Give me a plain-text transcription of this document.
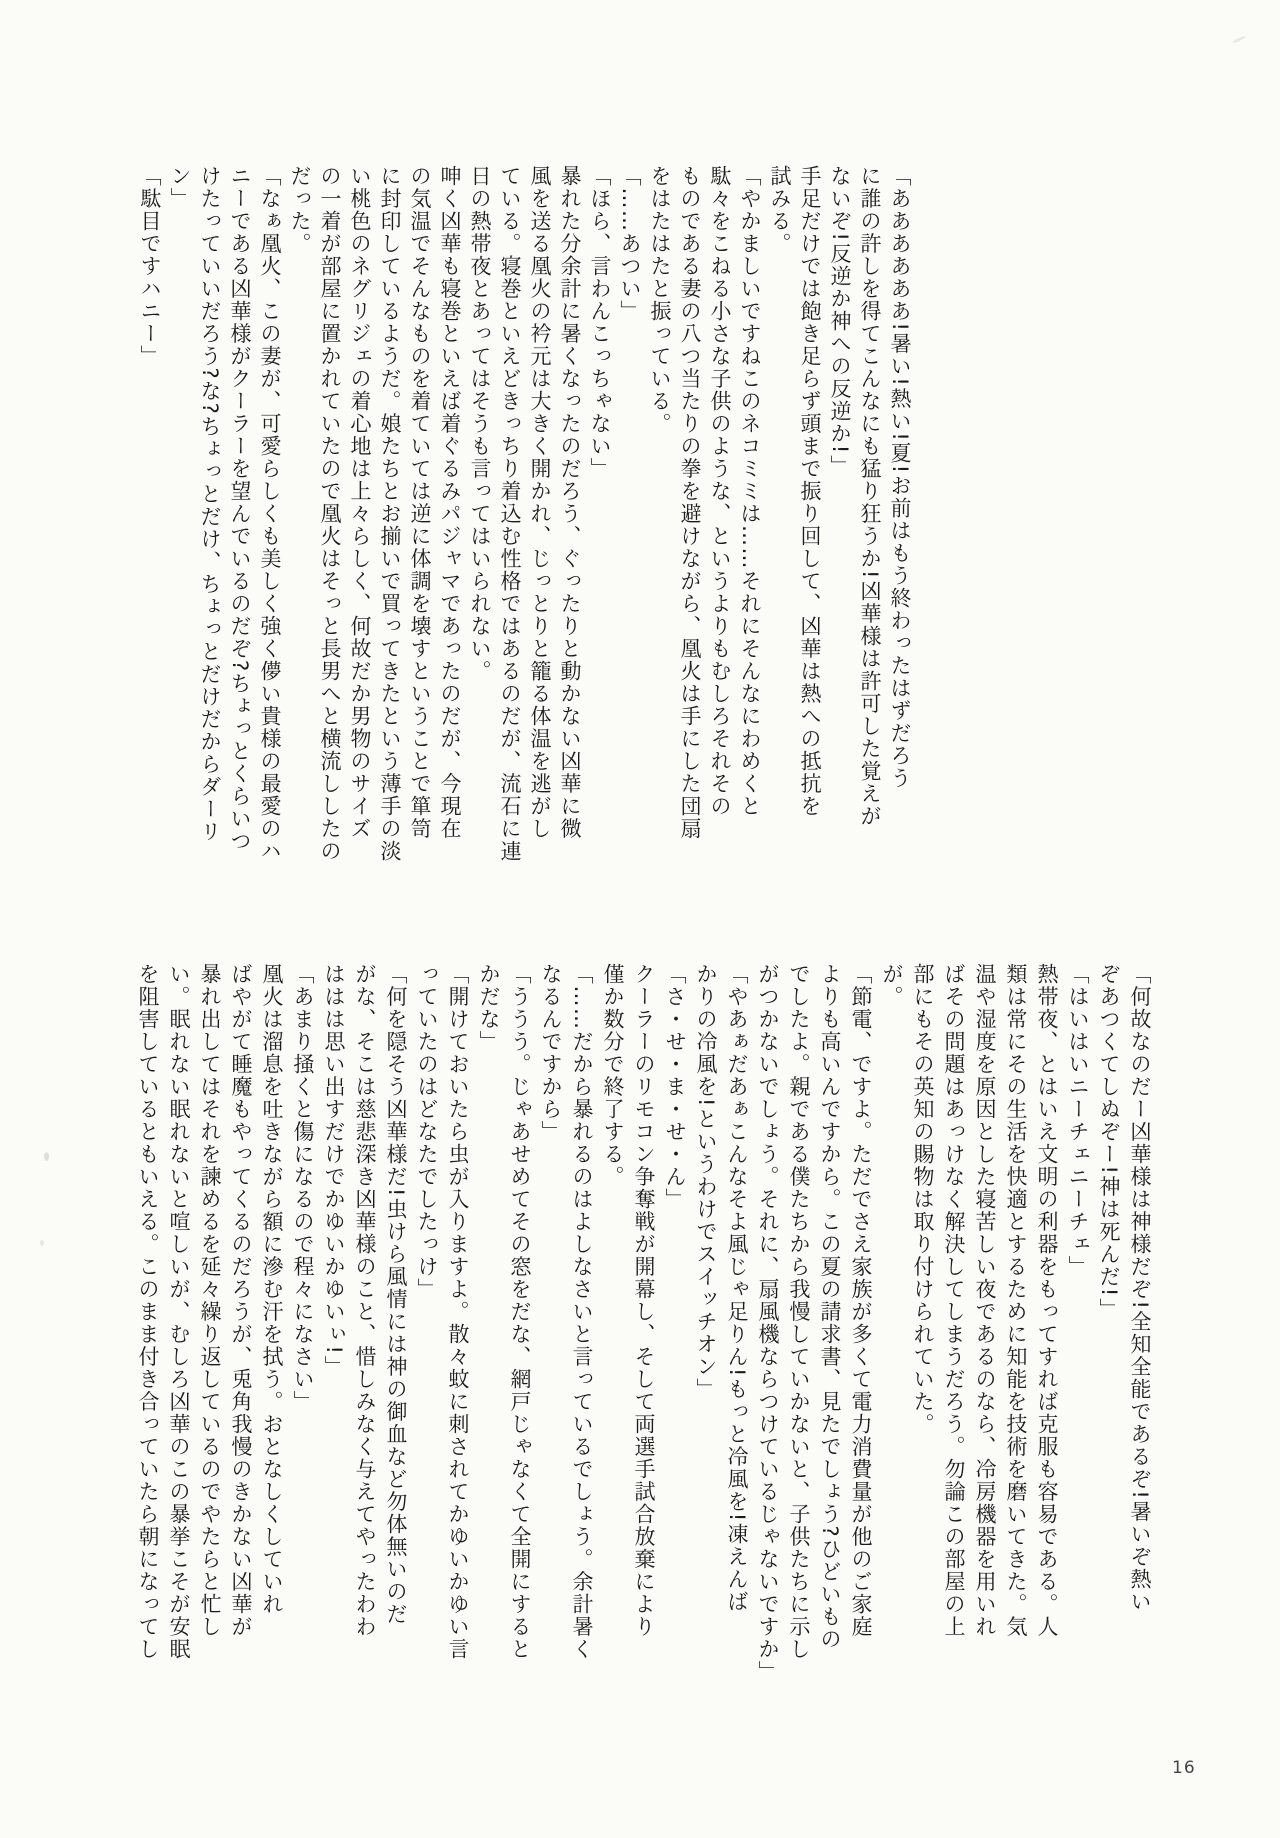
「ああああああ!暑い!熱い!夏!お前はもう終わったはずだろう
に誰の許しを得てこんなにも猛り狂うか!凶華様は許可した覚えが
ないぞ!反逆か神への反逆か!」
手足だけでは飽き足らず頭まで振り回して、凶華は熱への抵抗を
試みる。
「やかましいですねこのネコミミは……それにそんなにわめくと
駄々をこねる小さな子供のような、というよりもむしろそれその
ものである妻の八つ当たりの拳を避けながら、凰火は手にした団扇
をはたはたと振っている。
「……あつい」
「ほら、言わんこっちゃない」
暴れた分余計に暑くなったのだろう、ぐったりと動かない凶華に微
風を送る凰火の衿元は大きく開かれ、じっとりと籠る体温を逃がし
ている。寝巻といえどきっちり着込む性格ではあるのだが、流石に連
日の熱帯夜とあってはそうも言ってはいられない。
呻く凶華も寝巻といえば着ぐるみパジャマであったのだが、今現在
の気温でそんなものを着ていては逆に体調を壊すということで箪笥
に封印しているようだ。娘たちとお揃いで買ってきたという薄手の淡
い桃色のネグリジェの着心地は上々らしく、何故だか男物のサイズ
の一着が部屋に置かれていたので凰火はそっと長男へと横流ししたの
だった。
「なぁ凰火、この妻が、可愛らしくも美しく強く儚い貴様の最愛のハ
ニーである凶華様がクーラーを望んでいるのだぞ?ちょっとくらいつ
けたっていいだろう?な?ちょっとだけ、ちょっとだけだからダーリ
ン」
「駄目ですハニー」
「何故なのだー凶華様は神様だぞ!全知全能であるぞ!暑いぞ熱い
ぞあつくてしぬぞー!神は死んだ!」
「はいはいニーチェニーチェ」
熱帯夜、とはいえ文明の利器をもってすれば克服も容易である。人
類は常にその生活を快適とするために知能を技術を磨いてきた。気
温や湿度を原因とした寝苦しい夜であるのなら、冷房機器を用いれ
ばその問題はあっけなく解決してしまうだろう。勿論この部屋の上
部にもその英知の賜物は取り付けられていた。
が。
「節電、ですよ。ただでさえ家族が多くて電力消費量が他のご家庭
よりも高いんですから。この夏の請求書、見たでしょう?ひどいもの
でしたよ。親である僕たちから我慢していかないと、子供たちに示し
がつかないでしょう。それに、扇風機ならつけているじゃないですか」
「やあぁだあぁこんなそよ風じゃ足りん!もっと冷風を!凍えんば
かりの冷風を!というわけでスイッチオン」
「さ・せ・ま・せ・ん」
クーラーのリモコン争奪戦が開幕し、そして両選手試合放棄により
僅か数分で終了する。
「……だから暴れるのはよしなさいと言っているでしょう。余計暑く
なるんですから」
「ううう。じゃあせめてその窓をだな、網戸じゃなくて全開にすると
かだな」
「開けておいたら虫が入りますよ。散々蚊に刺されてかゆいかゆい言
っていたのはどなたでしたっけ」
「何を隠そう凶華様だ!虫けら風情には神の御血など勿体無いのだ
がな、そこは慈悲深き凶華様のこと、惜しみなく与えてやったわわ
ははは思い出すだけでかゆいかゆいぃ!」
「あまり掻くと傷になるので程々になさい」
凰火は溜息を吐きながら額に滲む汗を拭う。おとなしくしていれ
ばやがて睡魔もやってくるのだろうが、兎角我慢のきかない凶華が
暴れ出してはそれを諫めるを延々繰り返しているのでやたらと忙し
い。眠れない眠れないと喧しいが、むしろ凶華のこの暴挙こそが安眠
を阻害しているともいえる。このまま付き合っていたら朝になってし
16
